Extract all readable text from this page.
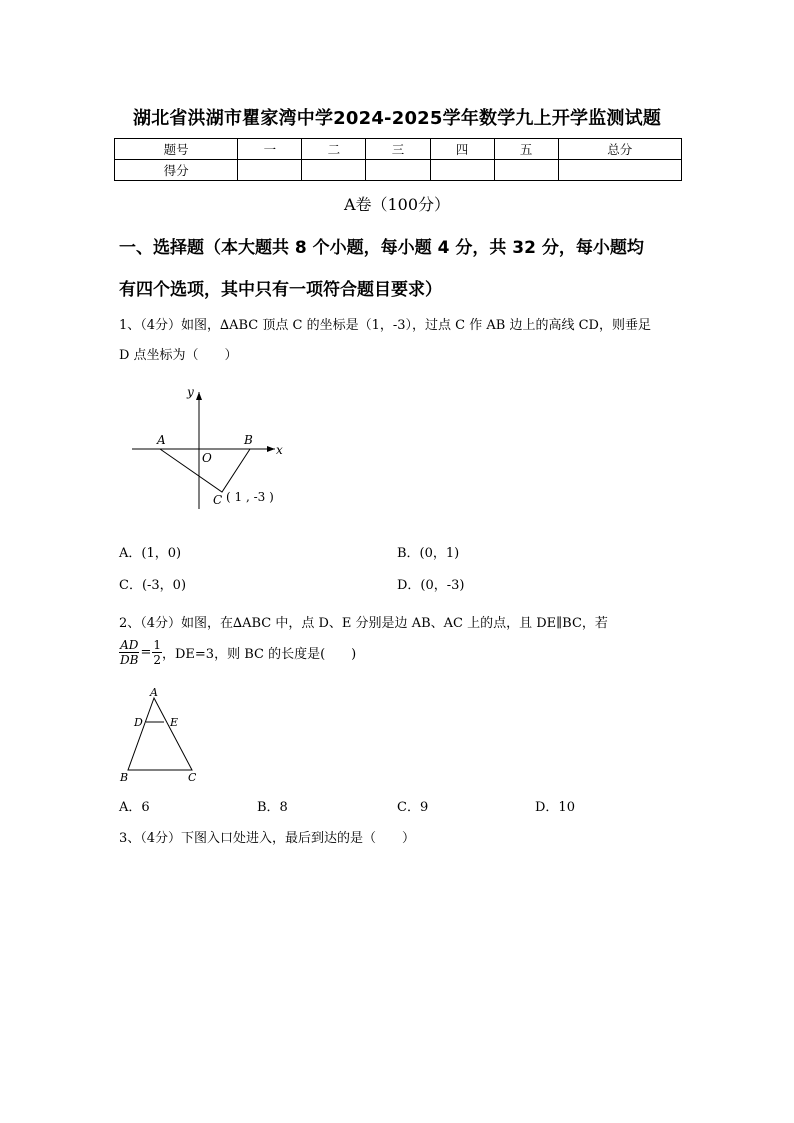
湖北省洪湖市瞿家湾中学2024-2025学年数学九上开学监测试题
题号	一	二	三	四	五	总分
得分						
A卷（100分）
一、选择题（本大题共 8 个小题，每小题 4 分，共 32 分，每小题均
有四个选项，其中只有一项符合题目要求）
1、（4分）如图，∆ABC 顶点 C 的坐标是（1，-3），过点 C 作 AB 边上的高线 CD，则垂足
D 点坐标为（　　）
y
x
A	B
O
C ( 1 , -3 )
A．(1，0)	B．(0，1)
C．(-3，0)	D．(0，-3)
2、（4分）如图，在∆ABC 中，点 D、E 分别是边 AB、AC 上的点，且 DE∥BC，若
$\frac{AD}{DB} = \frac{1}{2}$ ，DE=3，则 BC 的长度是(　　)
A
D E
B	C
A．6	B．8	C．9	D．10
3、（4分）下图入口处进入，最后到达的是（　　）
